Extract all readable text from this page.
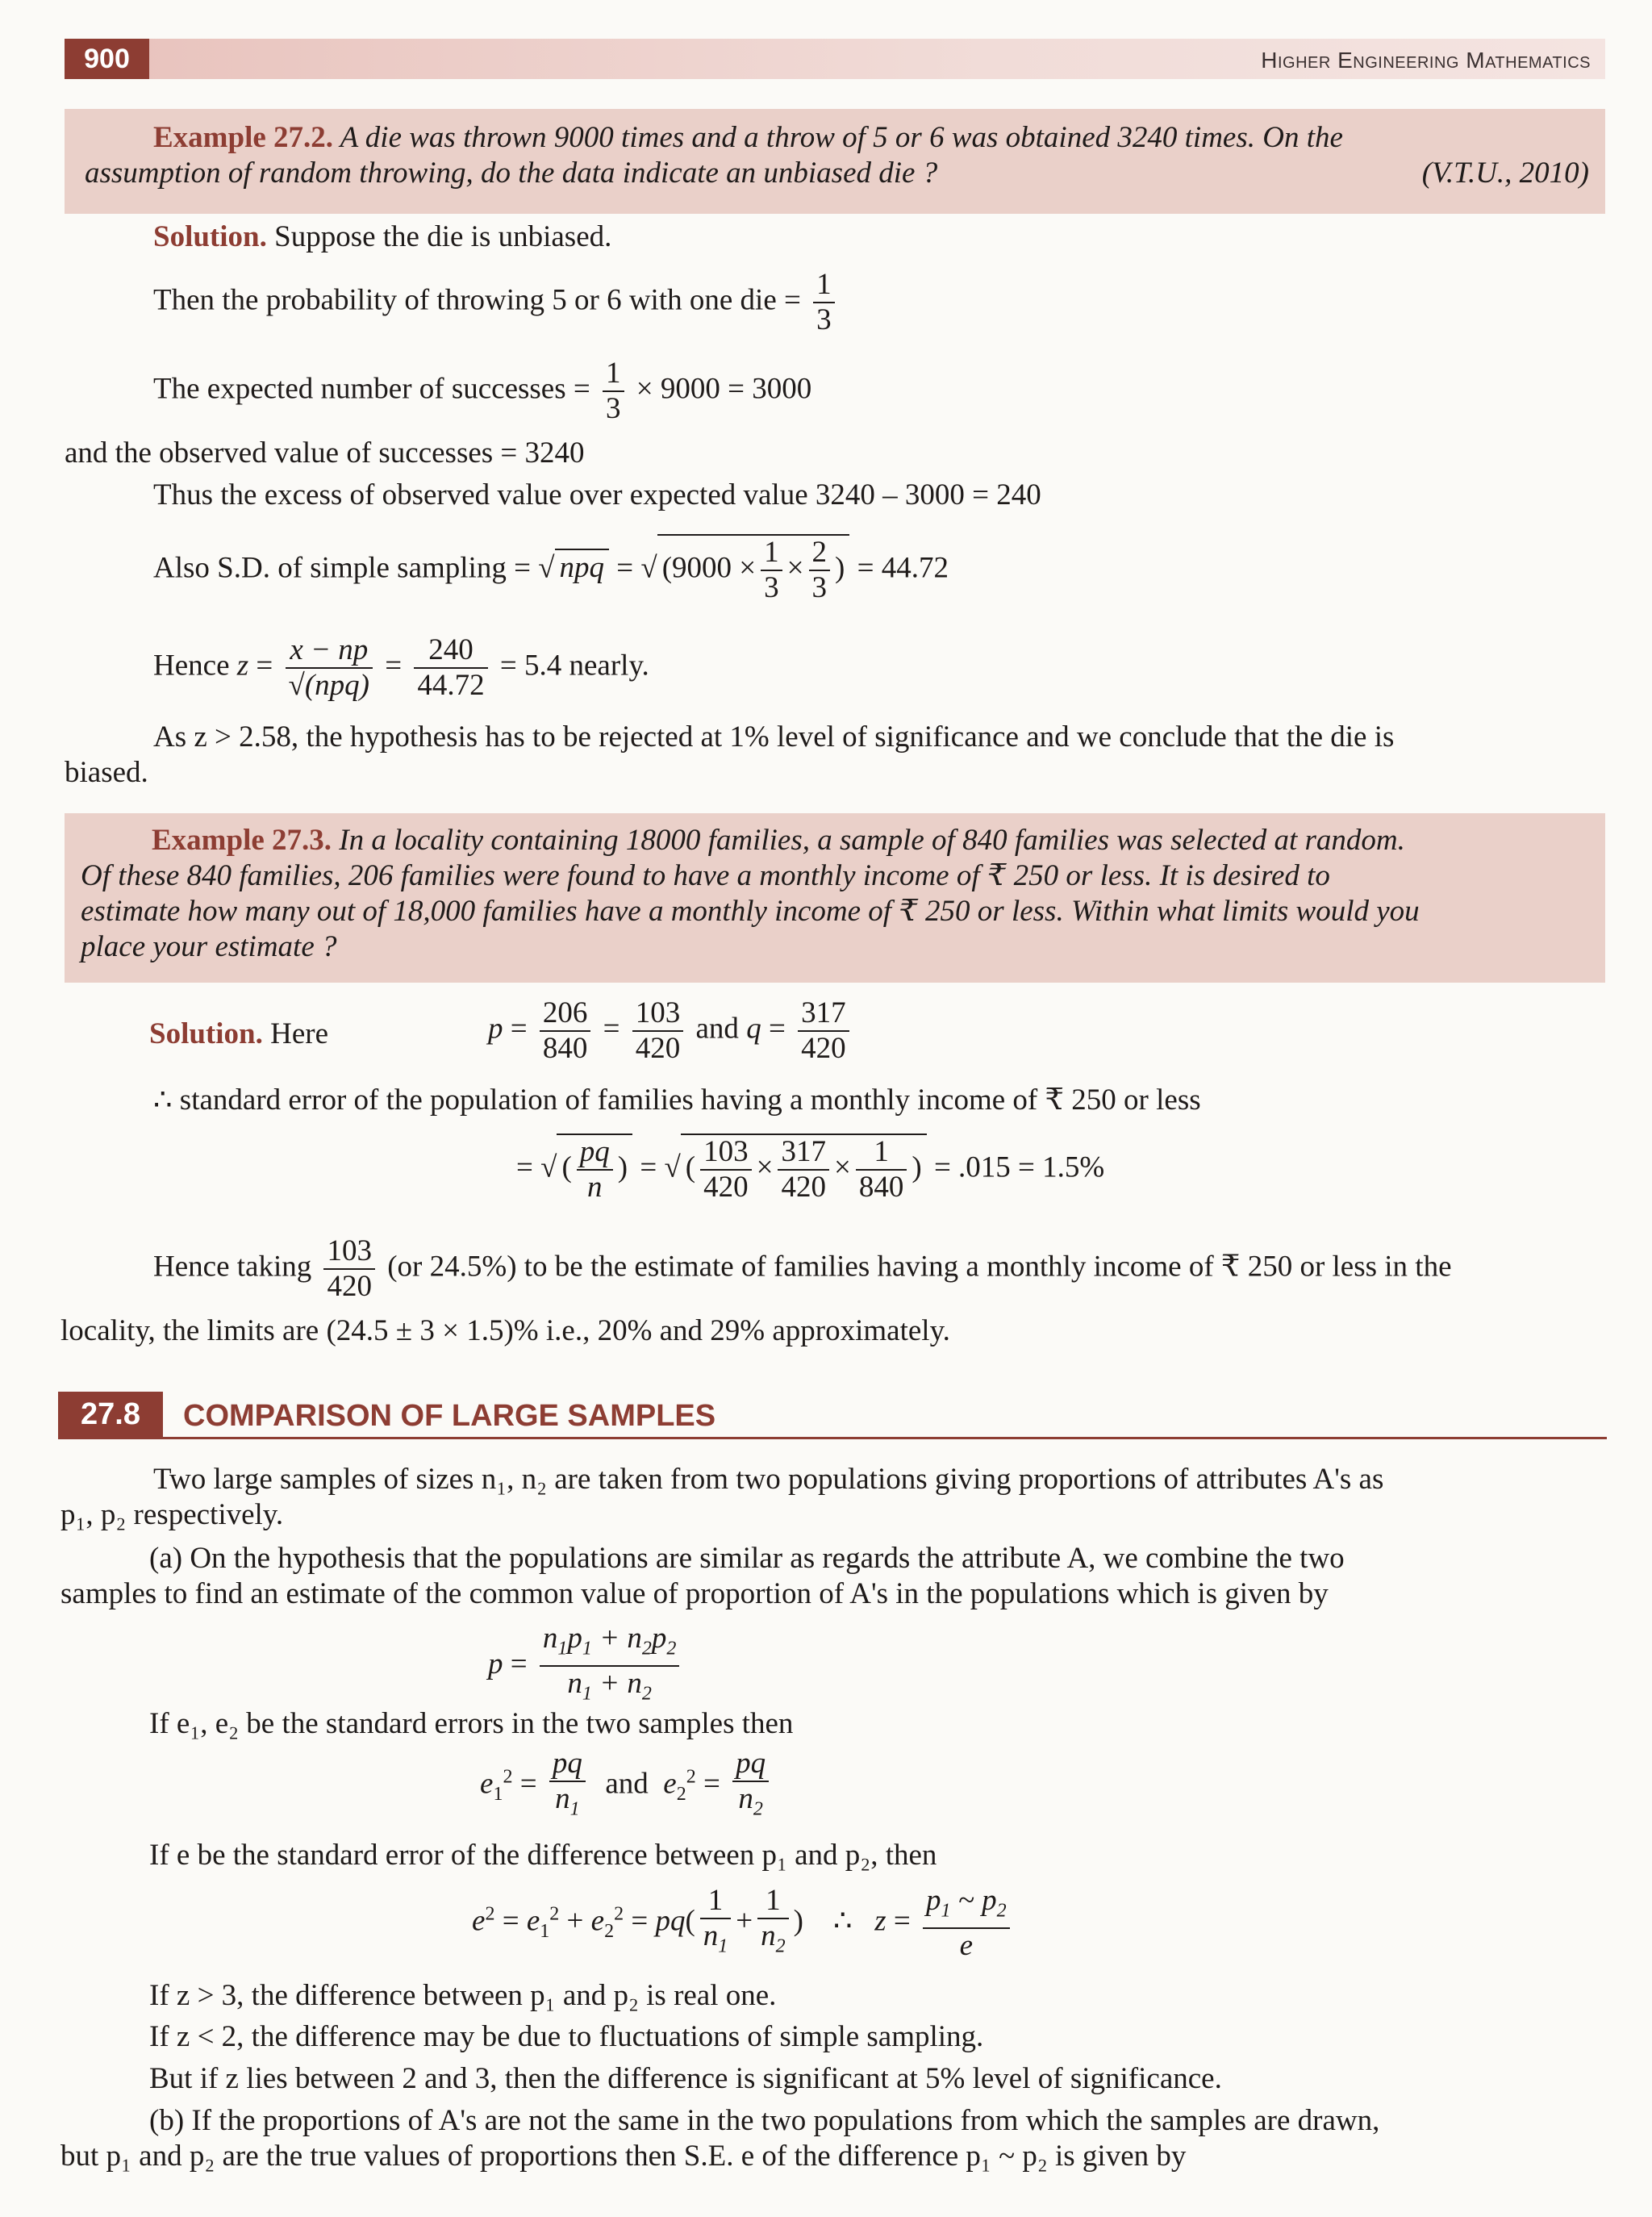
900	Higher Engineering Mathematics
Example 27.2. A die was thrown 9000 times and a throw of 5 or 6 was obtained 3240 times. On the
assumption of random throwing, do the data indicate an unbiased die ?	(V.T.U., 2010)
Solution. Suppose the die is unbiased.
Then the probability of throwing 5 or 6 with one die = $\frac{1}{3}$
The expected number of successes = $\frac{1}{3} \times 9000 = 3000$
and the observed value of successes = 3240
Thus the excess of observed value over expected value 3240 – 3000 = 240
Also S.D. of simple sampling = √ npq = √ ($9000 \times \frac{1}{3} \times \frac{2}{3}$ ) = 44.72
Hence $z = \frac{x - np}{\text{√(npq)}} = \frac{240}{44.72} = 5.4$ nearly.
As z > 2.58, the hypothesis has to be rejected at 1% level of significance and we conclude that the die is
biased.
Example 27.3. In a locality containing 18000 families, a sample of 840 families was selected at random.
Of these 840 families, 206 families were found to have a monthly income of ₹ 250 or less. It is desired to
estimate how many out of 18,000 families have a monthly income of ₹ 250 or less. Within what limits would you
place your estimate ?
Solution. Here	$p = \frac{206}{840} = \frac{103}{420}$ and $q = \frac{317}{420}$
∴ standard error of the population of families having a monthly income of ₹ 250 or less
= √ ( $\frac{pq}{n}$ ) = √ ( $\frac{103}{420} \times \frac{317}{420} \times \frac{1}{840}$ ) = .015 = 1.5%
Hence taking $\frac{103}{420} (or$ 24.5%) to be the estimate of families having a monthly income of ₹ 250 or less in the
locality, the limits are (24.5 ± 3 × 1.5)% i.e., 20% and 29% approximately.
27.8	COMPARISON OF LARGE SAMPLES
Two large samples of sizes n₁, n₂ are taken from two populations giving proportions of attributes A's as
p₁, p₂ respectively.
(a) On the hypothesis that the populations are similar as regards the attribute A, we combine the two
samples to find an estimate of the common value of proportion of A's in the populations which is given by
$p = \frac{n_1p_1 + n_2p_2}{n_1 + n_2}$
If e₁, e₂ be the standard errors in the two samples then
$e_1^2 = \frac{pq}{n_1}$ and  $e_2^2 = \frac{pq}{n_2}$
If e be the standard error of the difference between p₁ and p₂, then
$e^2 = e_1^2 + e_2^2 = pq( \frac{1}{n_1} + \frac{1}{n_2}$ )    ∴   $z = \frac{p_1 \sim p_2}{e}$
If z > 3, the difference between p₁ and p₂ is real one.
If z < 2, the difference may be due to fluctuations of simple sampling.
But if z lies between 2 and 3, then the difference is significant at 5% level of significance.
(b) If the proportions of A's are not the same in the two populations from which the samples are drawn,
but p₁ and p₂ are the true values of proportions then S.E. e of the difference p₁ ~ p₂ is given by
